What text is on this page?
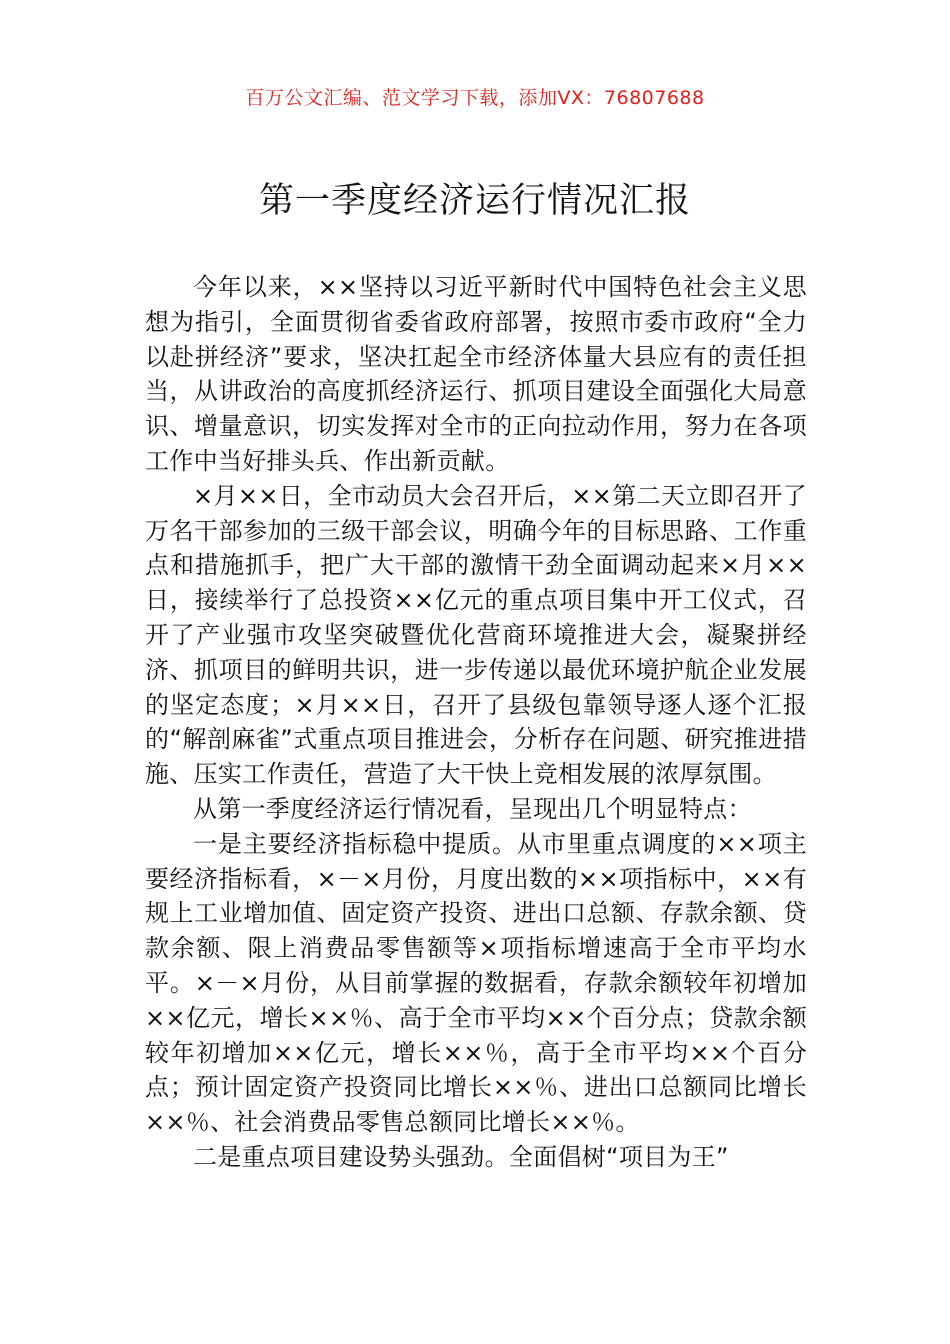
百万公文汇编、范文学习下载，添加VX：76807688
第一季度经济运行情况汇报

今年以来，××坚持以习近平新时代中国特色社会主义思想为指引，全面贯彻省委省政府部署，按照市委市政府“全力以赴拼经济”要求，坚决扛起全市经济体量大县应有的责任担当，从讲政治的高度抓经济运行、抓项目建设全面强化大局意识、增量意识，切实发挥对全市的正向拉动作用，努力在各项工作中当好排头兵、作出新贡献。

×月××日，全市动员大会召开后，××第二天立即召开了万名干部参加的三级干部会议，明确今年的目标思路、工作重点和措施抓手，把广大干部的激情干劲全面调动起来×月××日，接续举行了总投资××亿元的重点项目集中开工仪式，召开了产业强市攻坚突破暨优化营商环境推进大会，凝聚拼经济、抓项目的鲜明共识，进一步传递以最优环境护航企业发展的坚定态度；×月××日，召开了县级包靠领导逐人逐个汇报的“解剖麻雀”式重点项目推进会，分析存在问题、研究推进措施、压实工作责任，营造了大干快上竞相发展的浓厚氛围。

从第一季度经济运行情况看，呈现出几个明显特点：

一是主要经济指标稳中提质。从市里重点调度的××项主要经济指标看，×－×月份，月度出数的××项指标中，××有规上工业增加值、固定资产投资、进出口总额、存款余额、贷款余额、限上消费品零售额等×项指标增速高于全市平均水平。×－×月份，从目前掌握的数据看，存款余额较年初增加××亿元，增长××％、高于全市平均××个百分点；贷款余额较年初增加××亿元，增长××％，高于全市平均××个百分点；预计固定资产投资同比增长××％、进出口总额同比增长××％、社会消费品零售总额同比增长××％。

二是重点项目建设势头强劲。全面倡树“项目为王”
